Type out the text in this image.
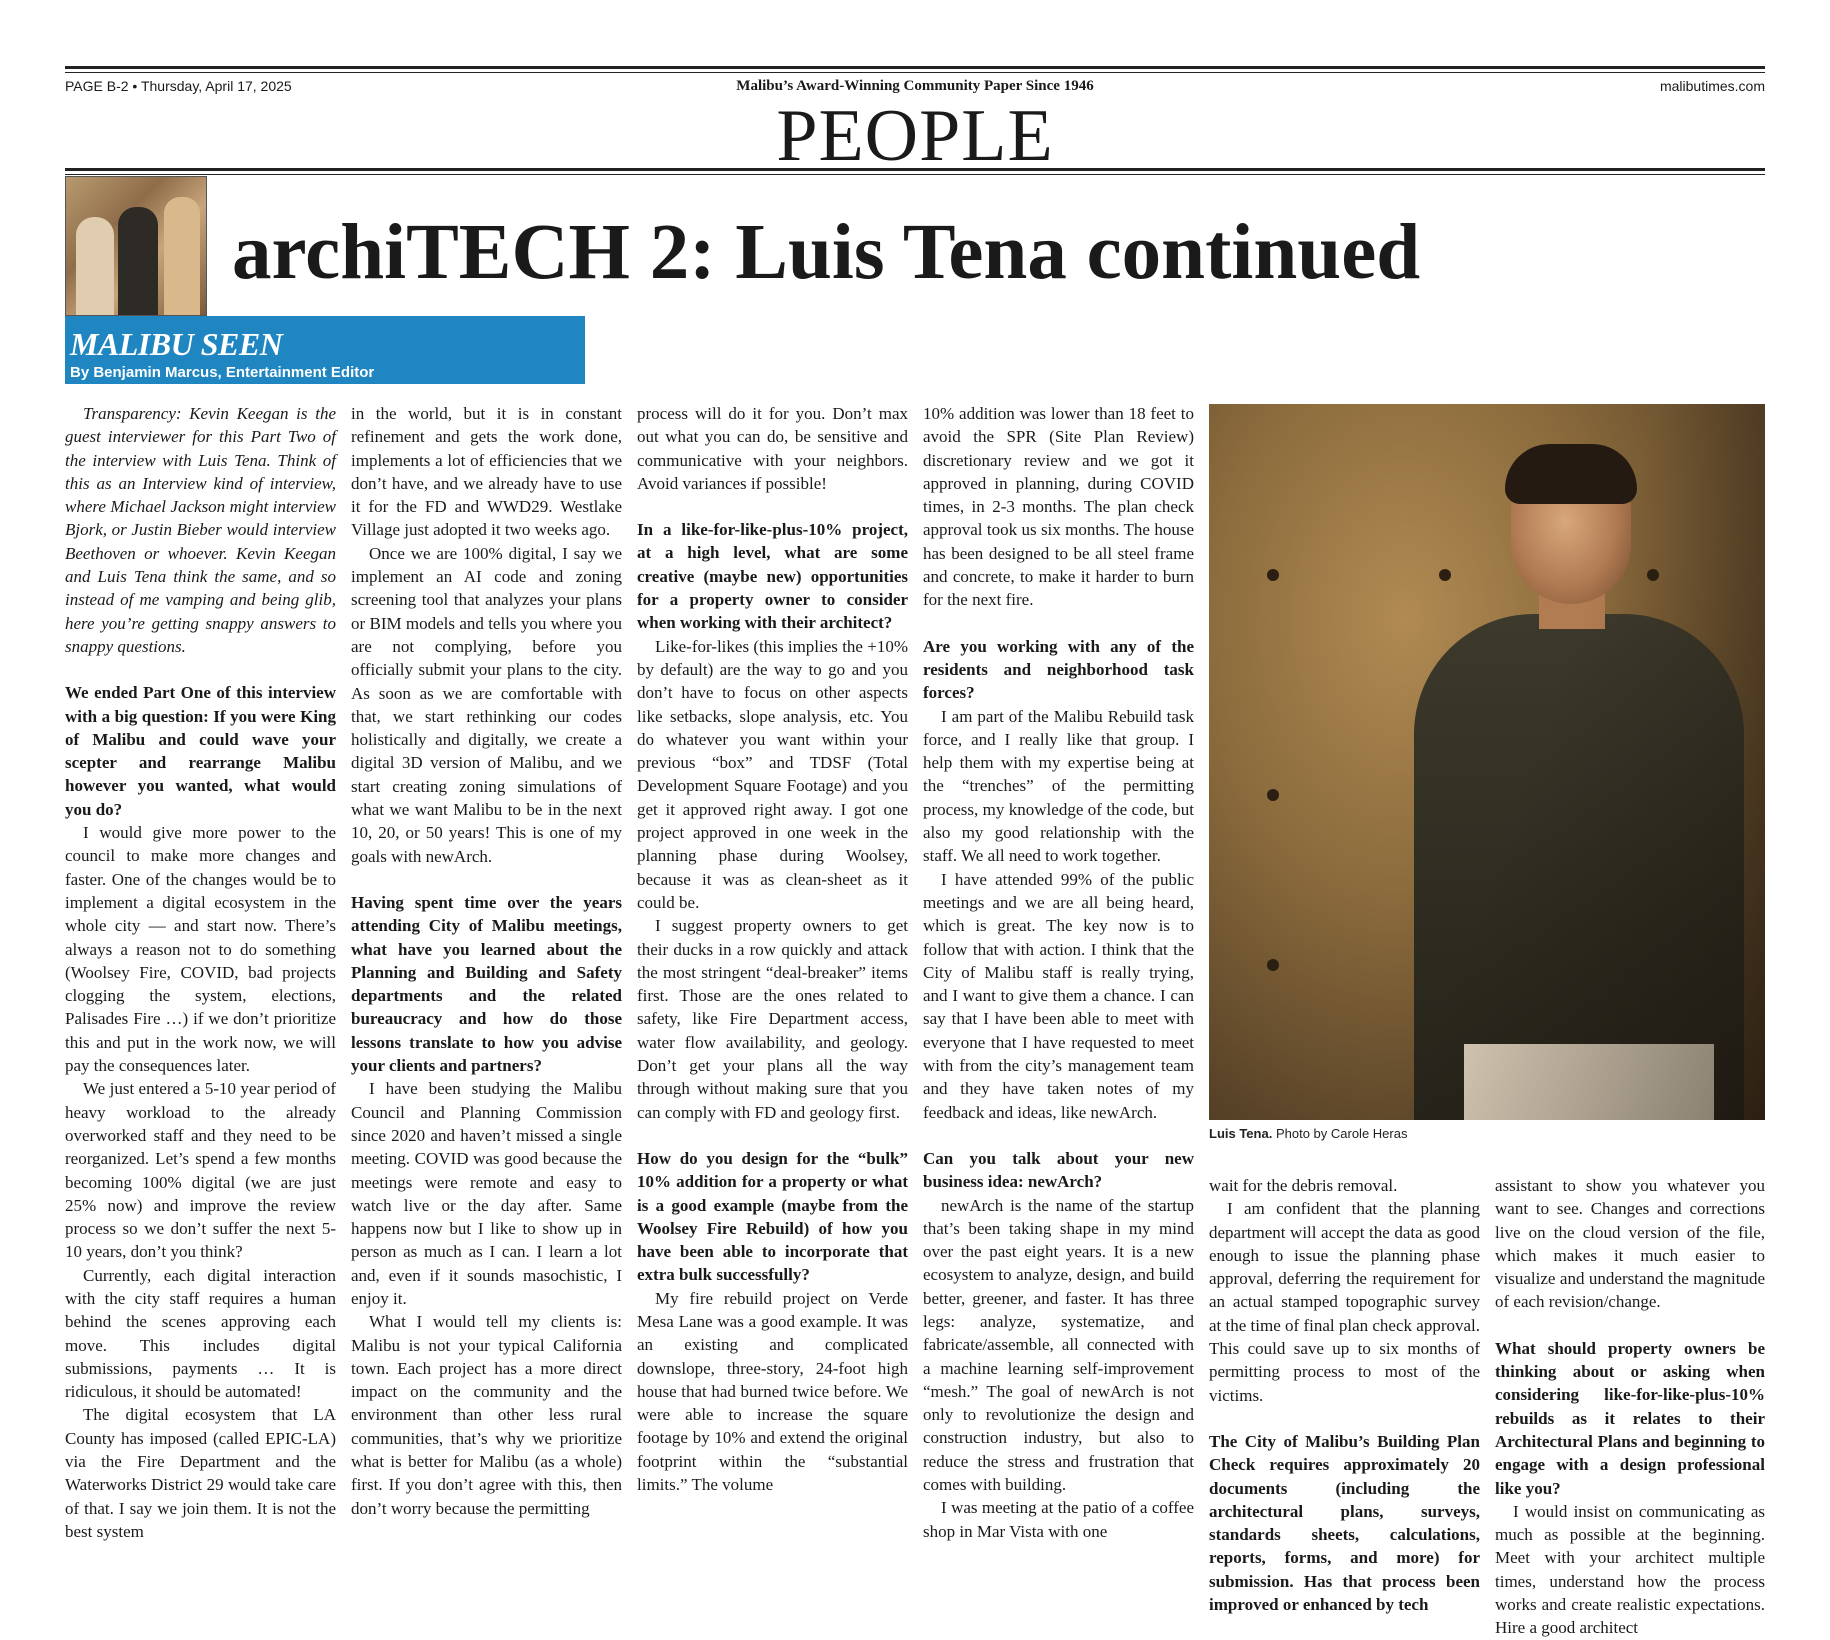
PAGE B-2 • Thursday, April 17, 2025	Malibu’s Award-Winning Community Paper Since 1946	malibutimes.com
PEOPLE
archiTECH 2: Luis Tena continued
MALIBU SEEN
By Benjamin Marcus, Entertainment Editor

Transparency: Kevin Keegan is the guest interviewer for this Part Two of the interview with Luis Tena. Think of this as an Interview kind of interview, where Michael Jackson might interview Bjork, or Justin Bieber would interview Beethoven or whoever. Kevin Keegan and Luis Tena think the same, and so instead of me vamping and being glib, here you’re getting snappy answers to snappy questions.

We ended Part One of this interview with a big question: If you were King of Malibu and could wave your scepter and rearrange Malibu however you wanted, what would you do?

I would give more power to the council to make more changes and faster. One of the changes would be to implement a digital ecosystem in the whole city — and start now. There’s always a reason not to do something (Woolsey Fire, COVID, bad projects clogging the system, elections, Palisades Fire …) if we don’t prioritize this and put in the work now, we will pay the consequences later.

We just entered a 5-10 year period of heavy workload to the already overworked staff and they need to be reorganized. Let’s spend a few months becoming 100% digital (we are just 25% now) and improve the review process so we don’t suffer the next 5-10 years, don’t you think?

Currently, each digital interaction with the city staff requires a human behind the scenes approving each move. This includes digital submissions, payments … It is ridiculous, it should be automated!

The digital ecosystem that LA County has imposed (called EPIC-LA) via the Fire Department and the Waterworks District 29 would take care of that. I say we join them. It is not the best system

in the world, but it is in constant refinement and gets the work done, implements a lot of efficiencies that we don’t have, and we already have to use it for the FD and WWD29. Westlake Village just adopted it two weeks ago.

Once we are 100% digital, I say we implement an AI code and zoning screening tool that analyzes your plans or BIM models and tells you where you are not complying, before you officially submit your plans to the city. As soon as we are comfortable with that, we start rethinking our codes holistically and digitally, we create a digital 3D version of Malibu, and we start creating zoning simulations of what we want Malibu to be in the next 10, 20, or 50 years! This is one of my goals with newArch.

Having spent time over the years attending City of Malibu meetings, what have you learned about the Planning and Building and Safety departments and the related bureaucracy and how do those lessons translate to how you advise your clients and partners?

I have been studying the Malibu Council and Planning Commission since 2020 and haven’t missed a single meeting. COVID was good because the meetings were remote and easy to watch live or the day after. Same happens now but I like to show up in person as much as I can. I learn a lot and, even if it sounds masochistic, I enjoy it.

What I would tell my clients is: Malibu is not your typical California town. Each project has a more direct impact on the community and the environment than other less rural communities, that’s why we prioritize what is better for Malibu (as a whole) first. If you don’t agree with this, then don’t worry because the permitting

process will do it for you. Don’t max out what you can do, be sensitive and communicative with your neighbors. Avoid variances if possible!

In a like-for-like-plus-10% project, at a high level, what are some creative (maybe new) opportunities for a property owner to consider when working with their architect?

Like-for-likes (this implies the +10% by default) are the way to go and you don’t have to focus on other aspects like setbacks, slope analysis, etc. You do whatever you want within your previous “box” and TDSF (Total Development Square Footage) and you get it approved right away. I got one project approved in one week in the planning phase during Woolsey, because it was as clean-sheet as it could be.

I suggest property owners to get their ducks in a row quickly and attack the most stringent “deal-breaker” items first. Those are the ones related to safety, like Fire Department access, water flow availability, and geology. Don’t get your plans all the way through without making sure that you can comply with FD and geology first.

How do you design for the “bulk” 10% addition for a property or what is a good example (maybe from the Woolsey Fire Rebuild) of how you have been able to incorporate that extra bulk successfully?

My fire rebuild project on Verde Mesa Lane was a good example. It was an existing and complicated downslope, three-story, 24-foot high house that had burned twice before. We were able to increase the square footage by 10% and extend the original footprint within the “substantial limits.” The volume

10% addition was lower than 18 feet to avoid the SPR (Site Plan Review) discretionary review and we got it approved in planning, during COVID times, in 2-3 months. The plan check approval took us six months. The house has been designed to be all steel frame and concrete, to make it harder to burn for the next fire.

Are you working with any of the residents and neighborhood task forces?

I am part of the Malibu Rebuild task force, and I really like that group. I help them with my expertise being at the “trenches” of the permitting process, my knowledge of the code, but also my good relationship with the staff. We all need to work together.

I have attended 99% of the public meetings and we are all being heard, which is great. The key now is to follow that with action. I think that the City of Malibu staff is really trying, and I want to give them a chance. I can say that I have been able to meet with everyone that I have requested to meet with from the city’s management team and they have taken notes of my feedback and ideas, like newArch.

Can you talk about your new business idea: newArch?

newArch is the name of the startup that’s been taking shape in my mind over the past eight years. It is a new ecosystem to analyze, design, and build better, greener, and faster. It has three legs: analyze, systematize, and fabricate/assemble, all connected with a machine learning self-improvement “mesh.” The goal of newArch is not only to revolutionize the design and construction industry, but also to reduce the stress and frustration that comes with building.

I was meeting at the patio of a coffee shop in Mar Vista with one

Luis Tena. Photo by Carole Heras

wait for the debris removal.

I am confident that the planning department will accept the data as good enough to issue the planning phase approval, deferring the requirement for an actual stamped topographic survey at the time of final plan check approval. This could save up to six months of permitting process to most of the victims.

The City of Malibu’s Building Plan Check requires approximately 20 documents (including the architectural plans, surveys, standards sheets, calculations, reports, forms, and more) for submission. Has that process been improved or enhanced by tech

assistant to show you whatever you want to see. Changes and corrections live on the cloud version of the file, which makes it much easier to visualize and understand the magnitude of each revision/change.

What should property owners be thinking about or asking when considering like-for-like-plus-10% rebuilds as it relates to their Architectural Plans and beginning to engage with a design professional like you?

I would insist on communicating as much as possible at the beginning. Meet with your architect multiple times, understand how the process works and create realistic expectations. Hire a good architect
